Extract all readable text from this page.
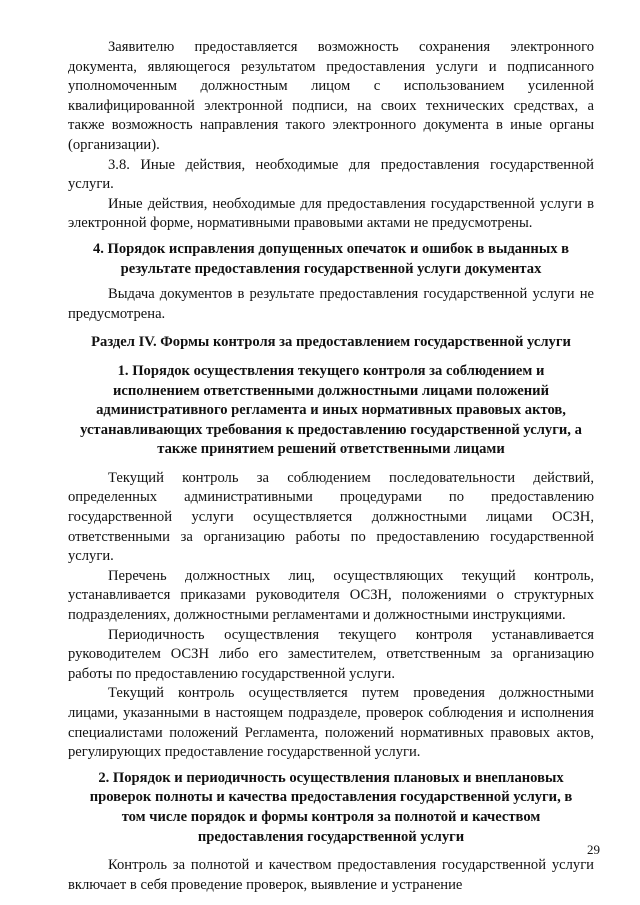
Заявителю предоставляется возможность сохранения электронного документа, являющегося результатом предоставления услуги и подписанного уполномоченным должностным лицом с использованием усиленной квалифицированной электронной подписи, на своих технических средствах, а также возможность направления такого электронного документа в иные органы (организации).

3.8. Иные действия, необходимые для предоставления государственной услуги.

Иные действия, необходимые для предоставления государственной услуги в электронной форме, нормативными правовыми актами не предусмотрены.

4. Порядок исправления допущенных опечаток и ошибок в выданных в результате предоставления государственной услуги документах

Выдача документов в результате предоставления государственной услуги не предусмотрена.

Раздел IV. Формы контроля за предоставлением государственной услуги

1. Порядок осуществления текущего контроля за соблюдением и исполнением ответственными должностными лицами положений административного регламента и иных нормативных правовых актов, устанавливающих требования к предоставлению государственной услуги, а также принятием решений ответственными лицами

Текущий контроль за соблюдением последовательности действий, определенных административными процедурами по предоставлению государственной услуги осуществляется должностными лицами ОСЗН, ответственными за организацию работы по предоставлению государственной услуги.

Перечень должностных лиц, осуществляющих текущий контроль, устанавливается приказами руководителя ОСЗН, положениями о структурных подразделениях, должностными регламентами и должностными инструкциями.

Периодичность осуществления текущего контроля устанавливается руководителем ОСЗН либо его заместителем, ответственным за организацию работы по предоставлению государственной услуги.

Текущий контроль осуществляется путем проведения должностными лицами, указанными в настоящем подразделе, проверок соблюдения и исполнения специалистами положений Регламента, положений нормативных правовых актов, регулирующих предоставление государственной услуги.

2. Порядок и периодичность осуществления плановых и внеплановых проверок полноты и качества предоставления государственной услуги, в том числе порядок и формы контроля за полнотой и качеством предоставления государственной услуги

Контроль за полнотой и качеством предоставления государственной услуги включает в себя проведение проверок, выявление и устранение

29
